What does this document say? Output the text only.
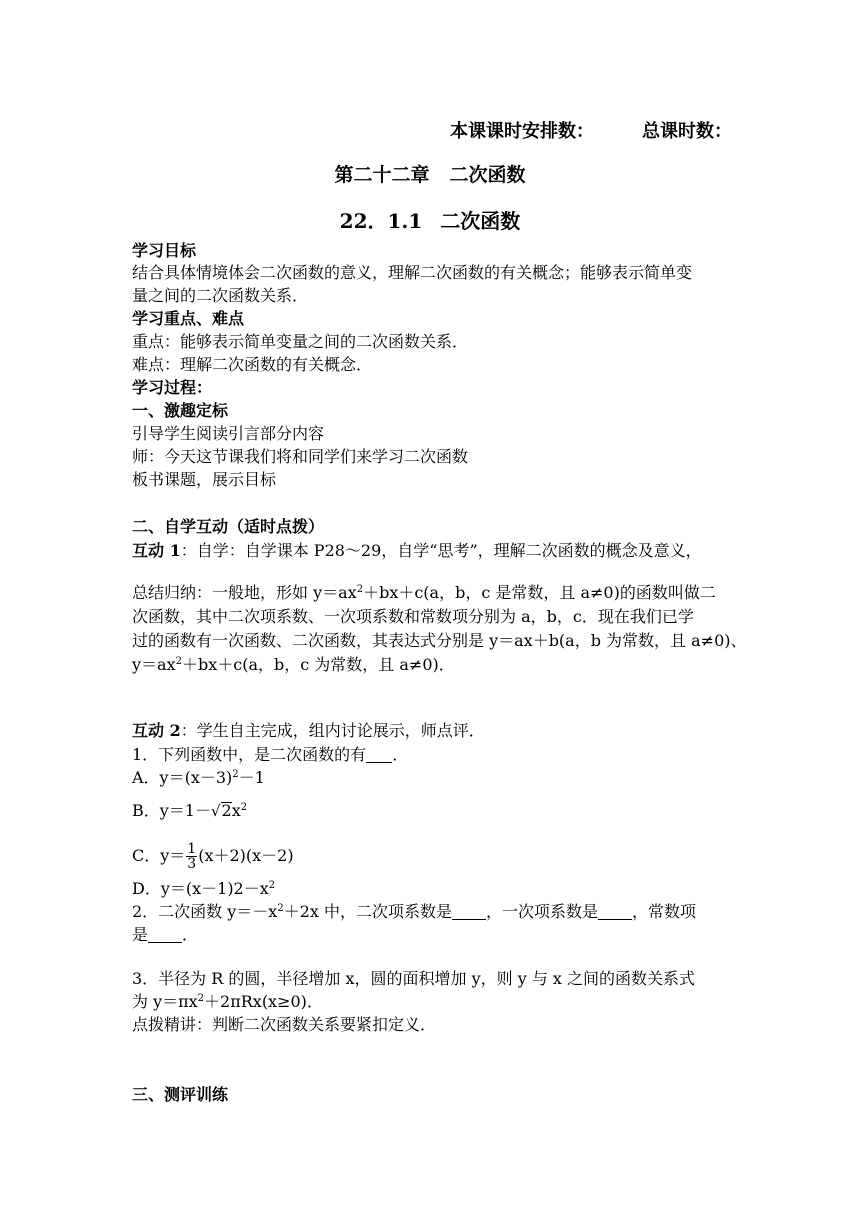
本课课时安排数：	总课时数：
第二十二章 二次函数
22．1.1 二次函数
学习目标
结合具体情境体会二次函数的意义，理解二次函数的有关概念；能够表示简单变
量之间的二次函数关系．
学习重点、难点
重点：能够表示简单变量之间的二次函数关系．
难点：理解二次函数的有关概念．
学习过程：
一、激趣定标
引导学生阅读引言部分内容
师：今天这节课我们将和同学们来学习二次函数
板书课题，展示目标
二、自学互动（适时点拨）
互动 1：自学：自学课本 P28～29，自学“思考”，理解二次函数的概念及意义，
总结归纳：一般地，形如 $y=ax^2+bx+c(a$，b，c 是常数，且 a≠0)的函数叫做二
次函数，其中二次项系数、一次项系数和常数项分别为 a，b，c．现在我们已学
过的函数有一次函数、二次函数，其表达式分别是 y＝ax＋b(a，b 为常数，且 a≠0)、
$y=ax^2+bx+c(a$，b，c 为常数，且 a≠0)．
互动 2：学生自主完成，组内讨论展示，师点评．
1．下列函数中，是二次函数的有 ．
A．$y=(x-3)^2-1$
B．$y=1-√2x^2$
C．$y= \frac{1}{3} (x+2)(x-2)$
D．$y=(x-1)2-x^2$
2．二次函数 $y=-x^2+2x$ 中，二次项系数是 ，一次项系数是 ，常数项
是 ．
3．半径为 R 的圆，半径增加 x，圆的面积增加 y，则 y 与 x 之间的函数关系式
为 $y=\pi x^2+2\pi Rx(x\ge 0)$．
点拨精讲：判断二次函数关系要紧扣定义．
三、测评训练
